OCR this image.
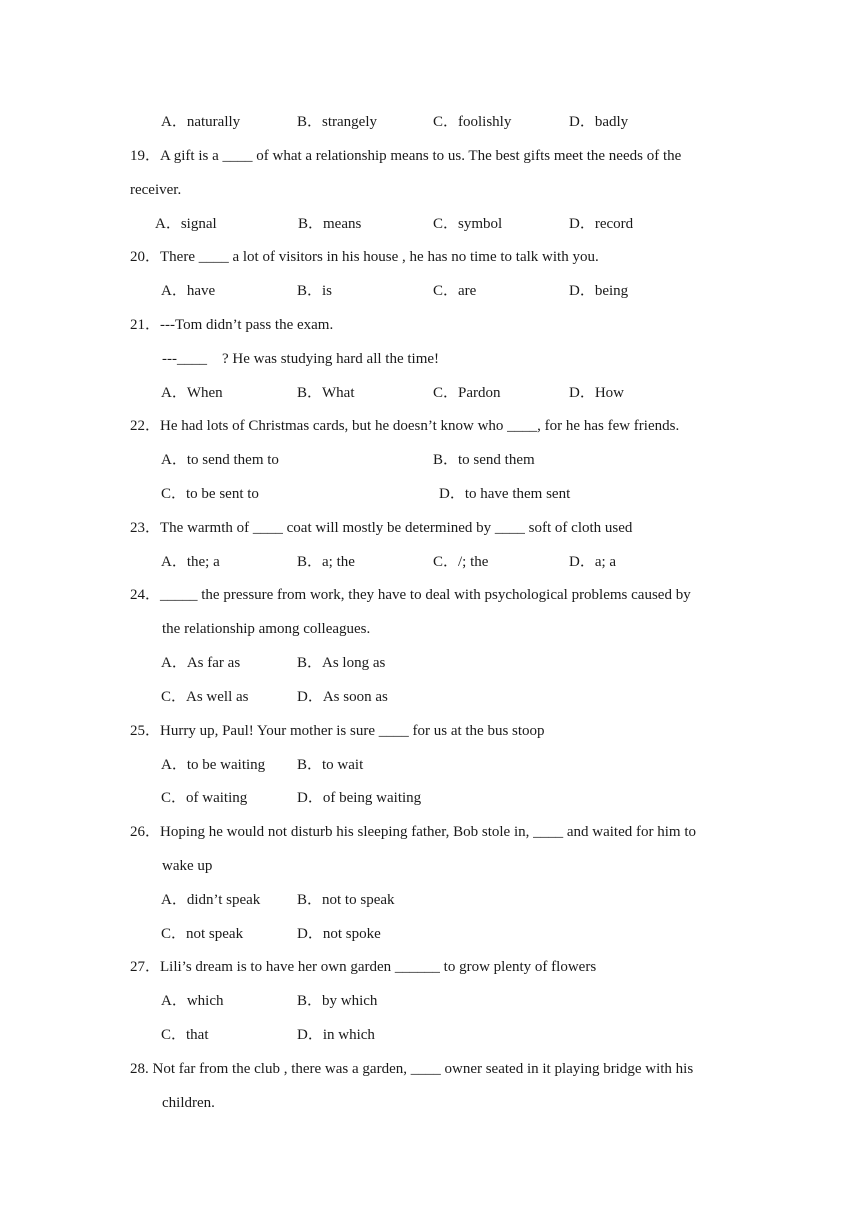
A．naturally	B．strangely	C．foolishly	D．badly
19．A gift is a ____ of what a relationship means to us. The best gifts meet the needs of the
receiver.
A．signal	B．means	C．symbol	D．record
20．There ____ a lot of visitors in his house , he has no time to talk with you.
A．have	B．is	C．are	D．being
21．---Tom didn’t pass the exam.
---____    ? He was studying hard all the time!
A．When	B．What	C．Pardon	D．How
22．He had lots of Christmas cards, but he doesn’t know who ____, for he has few friends.
A．to send them to	B．to send them
C．to be sent to	D．to have them sent
23．The warmth of ____ coat will mostly be determined by ____ soft of cloth used
A．the; a	B．a; the	C．/; the	D．a; a
24．_____ the pressure from work, they have to deal with psychological problems caused by
the relationship among colleagues.
A．As far as	B．As long as
C．As well as	D．As soon as
25．Hurry up, Paul! Your mother is sure ____ for us at the bus stoop
A．to be waiting B．to wait
C．of waiting	D．of being waiting
26．Hoping he would not disturb his sleeping father, Bob stole in, ____ and waited for him to
wake up
A．didn’t speak B．not to speak
C．not speak	D．not spoke
27．Lili’s dream is to have her own garden ______ to grow plenty of flowers
A．which	B．by which
C．that	D．in which
28. Not far from the club , there was a garden, ____ owner seated in it playing bridge with his
children.
